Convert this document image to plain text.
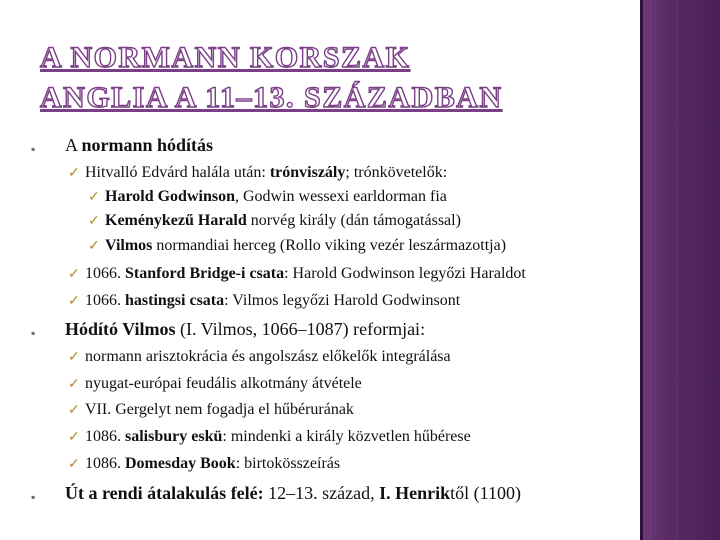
A NORMANN KORSZAK
ANGLIA A 11–13. SZÁZADBAN
▪ A normann hódítás
✓ Hitvalló Edvárd halála után: trónviszály; trónkövetelők:
✓ Harold Godwinson, Godwin wessexi earldorman fia
✓ Keménykezű Harald norvég király (dán támogatással)
✓ Vilmos normandiai herceg (Rollo viking vezér leszármazottja)
✓ 1066. Stanford Bridge-i csata: Harold Godwinson legyőzi Haraldot
✓ 1066. hastingsi csata: Vilmos legyőzi Harold Godwinsont
▪ Hódító Vilmos (I. Vilmos, 1066–1087) reformjai:
✓ normann arisztokrácia és angolszász előkelők integrálása
✓ nyugat-európai feudális alkotmány átvétele
✓ VII. Gergelyt nem fogadja el hűbérurának
✓ 1086. salisbury eskü: mindenki a király közvetlen hűbérese
✓ 1086. Domesday Book: birtokösszeírás
▪ Út a rendi átalakulás felé: 12–13. század, I. Henriktől (1100)
